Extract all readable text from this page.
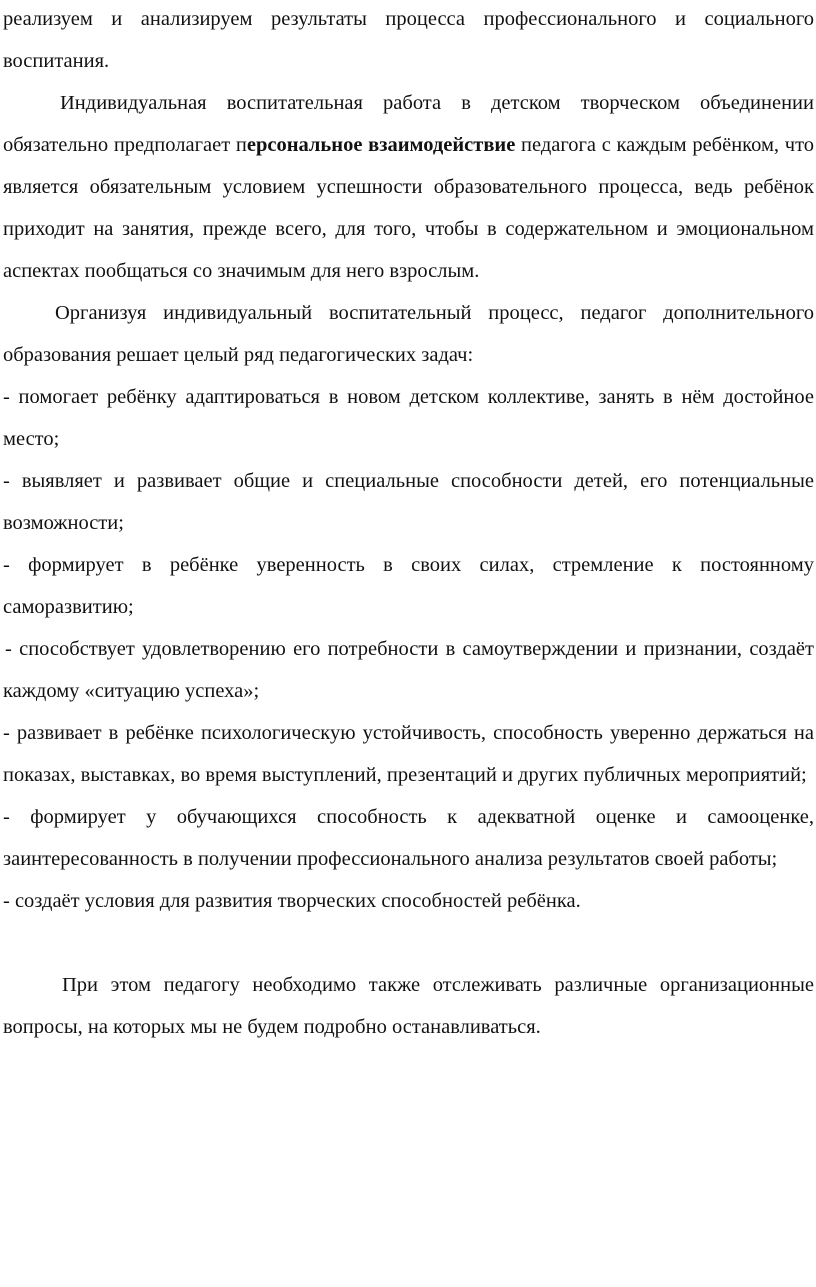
реализуем и анализируем результаты процесса профессионального и социального воспитания.

Индивидуальная воспитательная работа в детском творческом объединении обязательно предполагает персональное взаимодействие педагога с каждым ребёнком, что является обязательным условием успешности образовательного процесса, ведь ребёнок приходит на занятия, прежде всего, для того, чтобы в содержательном и эмоциональном аспектах пообщаться со значимым для него взрослым.

Организуя индивидуальный воспитательный процесс, педагог дополнительного образования решает целый ряд педагогических задач:

- помогает ребёнку адаптироваться в новом детском коллективе, занять в нём достойное место;

- выявляет и развивает общие и специальные способности детей, его потенциальные возможности;

- формирует в ребёнке уверенность в своих силах, стремление к постоянному саморазвитию;

- способствует удовлетворению его потребности в самоутверждении и признании, создаёт каждому «ситуацию успеха»;

- развивает в ребёнке психологическую устойчивость, способность уверенно держаться на показах, выставках, во время выступлений, презентаций и других публичных мероприятий;

- формирует у обучающихся способность к адекватной оценке и самооценке, заинтересованность в получении профессионального анализа результатов своей работы;

- создаёт условия для развития творческих способностей ребёнка.

При этом педагогу необходимо также отслеживать различные организационные вопросы, на которых мы не будем подробно останавливаться.
